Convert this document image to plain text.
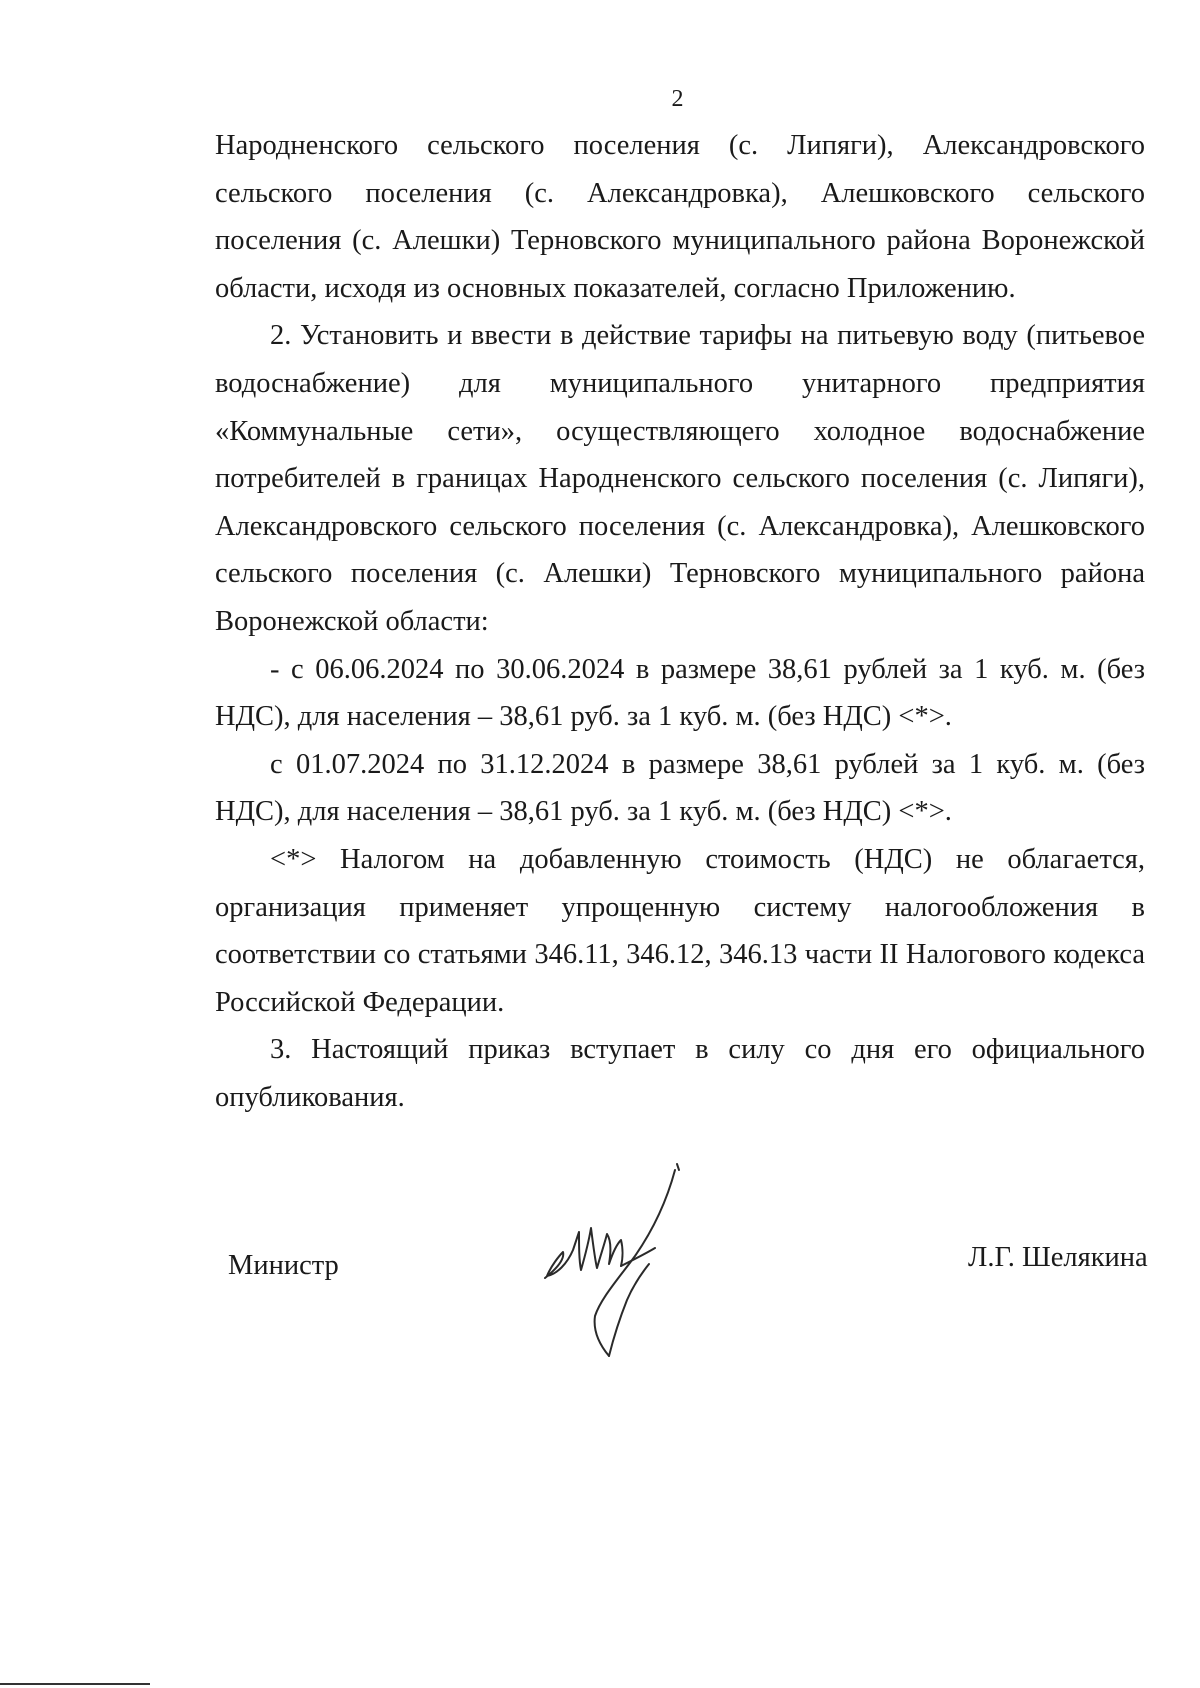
2

Народненского сельского поселения (с. Липяги), Александровского сельского поселения (с. Александровка), Алешковского сельского поселения (с. Алешки) Терновского муниципального района Воронежской области, исходя из основных показателей, согласно Приложению.

2. Установить и ввести в действие тарифы на питьевую воду (питьевое водоснабжение) для муниципального унитарного предприятия «Коммунальные сети», осуществляющего холодное водоснабжение потребителей в границах Народненского сельского поселения (с. Липяги), Александровского сельского поселения (с. Александровка), Алешковского сельского поселения (с. Алешки) Терновского муниципального района Воронежской области:

- с 06.06.2024 по 30.06.2024 в размере 38,61 рублей за 1 куб. м. (без НДС), для населения – 38,61 руб. за 1 куб. м. (без НДС) <*>.

с 01.07.2024 по 31.12.2024 в размере 38,61 рублей за 1 куб. м. (без НДС), для населения – 38,61 руб. за 1 куб. м. (без НДС) <*>.

<*> Налогом на добавленную стоимость (НДС) не облагается, организация применяет упрощенную систему налогообложения в соответствии со статьями 346.11, 346.12, 346.13 части II Налогового кодекса Российской Федерации.

3. Настоящий приказ вступает в силу со дня его официального опубликования.

Министр	Л.Г. Шелякина
